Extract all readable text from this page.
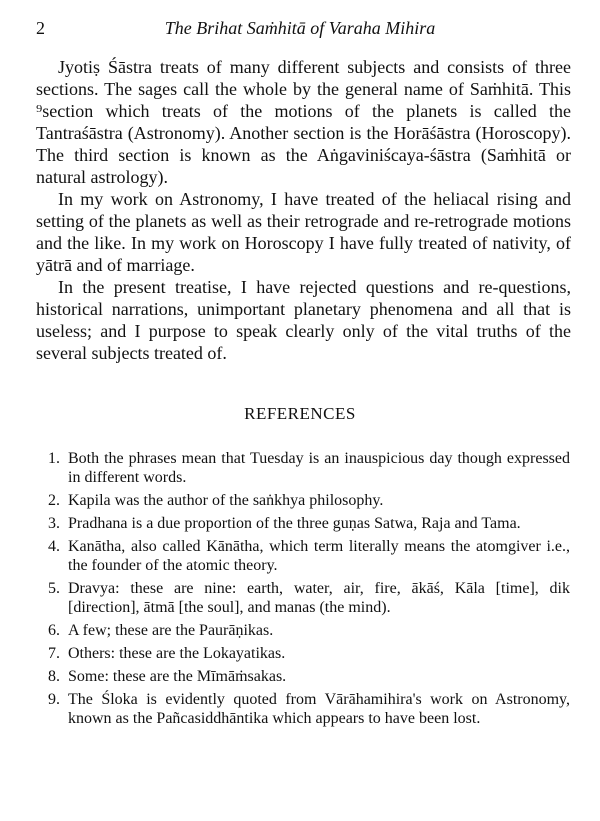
2	The Brihat Saṁhitā of Varaha Mihira

Jyotiṣ Śāstra treats of many different subjects and consists of three sections. The sages call the whole by the general name of Saṁhitā. This ⁹section which treats of the motions of the planets is called the Tantraśāstra (Astronomy). Another section is the Horāśāstra (Horoscopy). The third section is known as the Aṅgaviniścaya-śāstra (Saṁhitā or natural astrology).

In my work on Astronomy, I have treated of the heliacal rising and setting of the planets as well as their retrograde and re-retrograde motions and the like. In my work on Horoscopy I have fully treated of nativity, of yātrā and of marriage.

In the present treatise, I have rejected questions and re-questions, historical narrations, unimportant planetary phenomena and all that is useless; and I purpose to speak clearly only of the vital truths of the several subjects treated of.

REFERENCES
1. Both the phrases mean that Tuesday is an inauspicious day though expressed in different words.
2. Kapila was the author of the saṅkhya philosophy.
3. Pradhana is a due proportion of the three guṇas Satwa, Raja and Tama.
4. Kanātha, also called Kānātha, which term literally means the atomgiver i.e., the founder of the atomic theory.
5. Dravya: these are nine: earth, water, air, fire, ākāś, Kāla [time], dik [direction], ātmā [the soul], and manas (the mind).
6. A few; these are the Paurāṇikas.
7. Others: these are the Lokayatikas.
8. Some: these are the Mīmāṁsakas.
9. The Śloka is evidently quoted from Vārāhamihira's work on Astronomy, known as the Pañcasiddhāntika which appears to have been lost.
